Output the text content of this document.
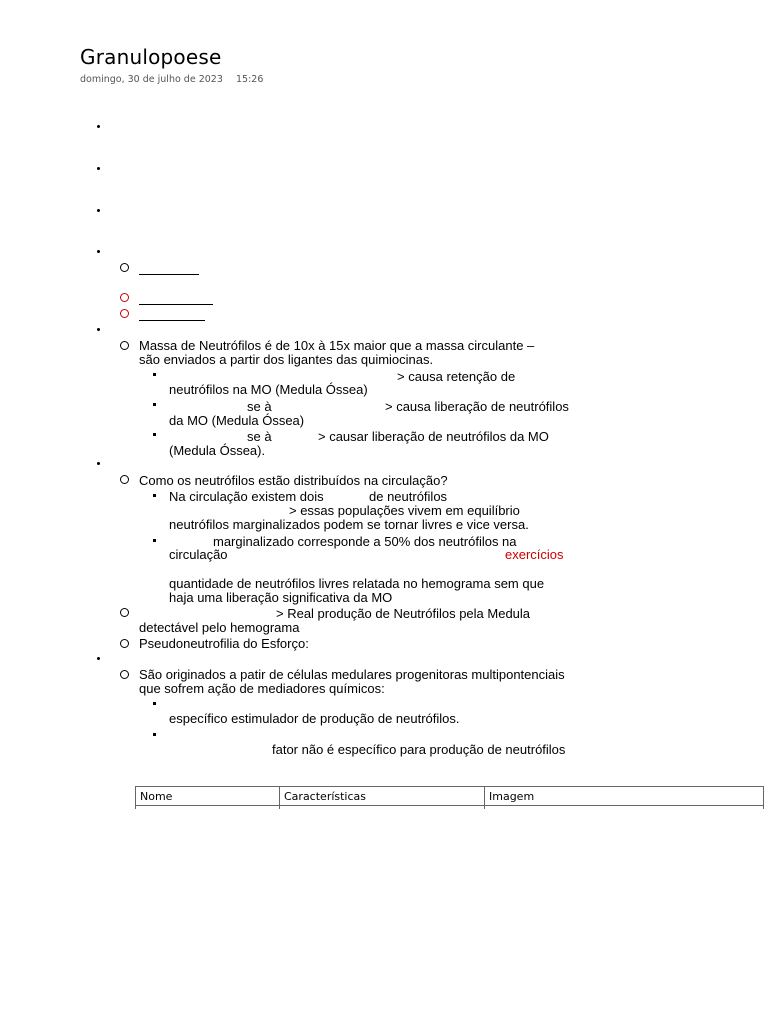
Granulopoese
domingo, 30 de julho de 2023 15:26
Massa de Neutrófilos é de 10x à 15x maior que a massa circulante –
são enviados a partir dos ligantes das quimiocinas.
> causa retenção de
neutrófilos na MO (Medula Óssea)
se à	> causa liberação de neutrófilos
da MO (Medula Óssea)
se à	> causar liberação de neutrófilos da MO
(Medula Óssea).
Como os neutrófilos estão distribuídos na circulação?
Na circulação existem dois	de neutrófilos
> essas populações vivem em equilíbrio
neutrófilos marginalizados podem se tornar livres e vice versa.
marginalizado corresponde a 50% dos neutrófilos na
circulação	exercícios
quantidade de neutrófilos livres relatada no hemograma sem que
haja uma liberação significativa da MO
> Real produção de Neutrófilos pela Medula
detectável pelo hemograma
Pseudoneutrofilia do Esforço:
São originados a patir de células medulares progenitoras multipontenciais
que sofrem ação de mediadores químicos:
específico estimulador de produção de neutrófilos.
fator não é específico para produção de neutrófilos
Nome	Características	Imagem
